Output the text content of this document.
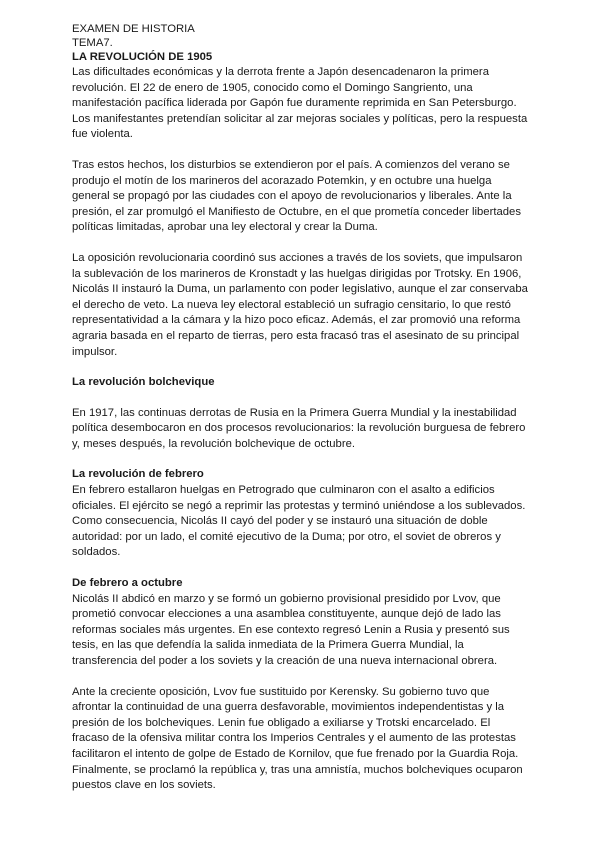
EXAMEN DE HISTORIA
TEMA7.
LA REVOLUCIÓN DE 1905

Las dificultades económicas y la derrota frente a Japón desencadenaron la primera revolución. El 22 de enero de 1905, conocido como el Domingo Sangriento, una manifestación pacífica liderada por Gapón fue duramente reprimida en San Petersburgo. Los manifestantes pretendían solicitar al zar mejoras sociales y políticas, pero la respuesta fue violenta.

Tras estos hechos, los disturbios se extendieron por el país. A comienzos del verano se produjo el motín de los marineros del acorazado Potemkin, y en octubre una huelga general se propagó por las ciudades con el apoyo de revolucionarios y liberales. Ante la presión, el zar promulgó el Manifiesto de Octubre, en el que prometía conceder libertades políticas limitadas, aprobar una ley electoral y crear la Duma.

La oposición revolucionaria coordinó sus acciones a través de los soviets, que impulsaron la sublevación de los marineros de Kronstadt y las huelgas dirigidas por Trotsky. En 1906, Nicolás II instauró la Duma, un parlamento con poder legislativo, aunque el zar conservaba el derecho de veto. La nueva ley electoral estableció un sufragio censitario, lo que restó representatividad a la cámara y la hizo poco eficaz. Además, el zar promovió una reforma agraria basada en el reparto de tierras, pero esta fracasó tras el asesinato de su principal impulsor.

La revolución bolchevique

En 1917, las continuas derrotas de Rusia en la Primera Guerra Mundial y la inestabilidad política desembocaron en dos procesos revolucionarios: la revolución burguesa de febrero y, meses después, la revolución bolchevique de octubre.

La revolución de febrero

En febrero estallaron huelgas en Petrogrado que culminaron con el asalto a edificios oficiales. El ejército se negó a reprimir las protestas y terminó uniéndose a los sublevados. Como consecuencia, Nicolás II cayó del poder y se instauró una situación de doble autoridad: por un lado, el comité ejecutivo de la Duma; por otro, el soviet de obreros y soldados.

De febrero a octubre

Nicolás II abdicó en marzo y se formó un gobierno provisional presidido por Lvov, que prometió convocar elecciones a una asamblea constituyente, aunque dejó de lado las reformas sociales más urgentes. En ese contexto regresó Lenin a Rusia y presentó sus tesis, en las que defendía la salida inmediata de la Primera Guerra Mundial, la transferencia del poder a los soviets y la creación de una nueva internacional obrera.

Ante la creciente oposición, Lvov fue sustituido por Kerensky. Su gobierno tuvo que afrontar la continuidad de una guerra desfavorable, movimientos independentistas y la presión de los bolcheviques. Lenin fue obligado a exiliarse y Trotski encarcelado. El fracaso de la ofensiva militar contra los Imperios Centrales y el aumento de las protestas facilitaron el intento de golpe de Estado de Kornilov, que fue frenado por la Guardia Roja. Finalmente, se proclamó la república y, tras una amnistía, muchos bolcheviques ocuparon puestos clave en los soviets.
